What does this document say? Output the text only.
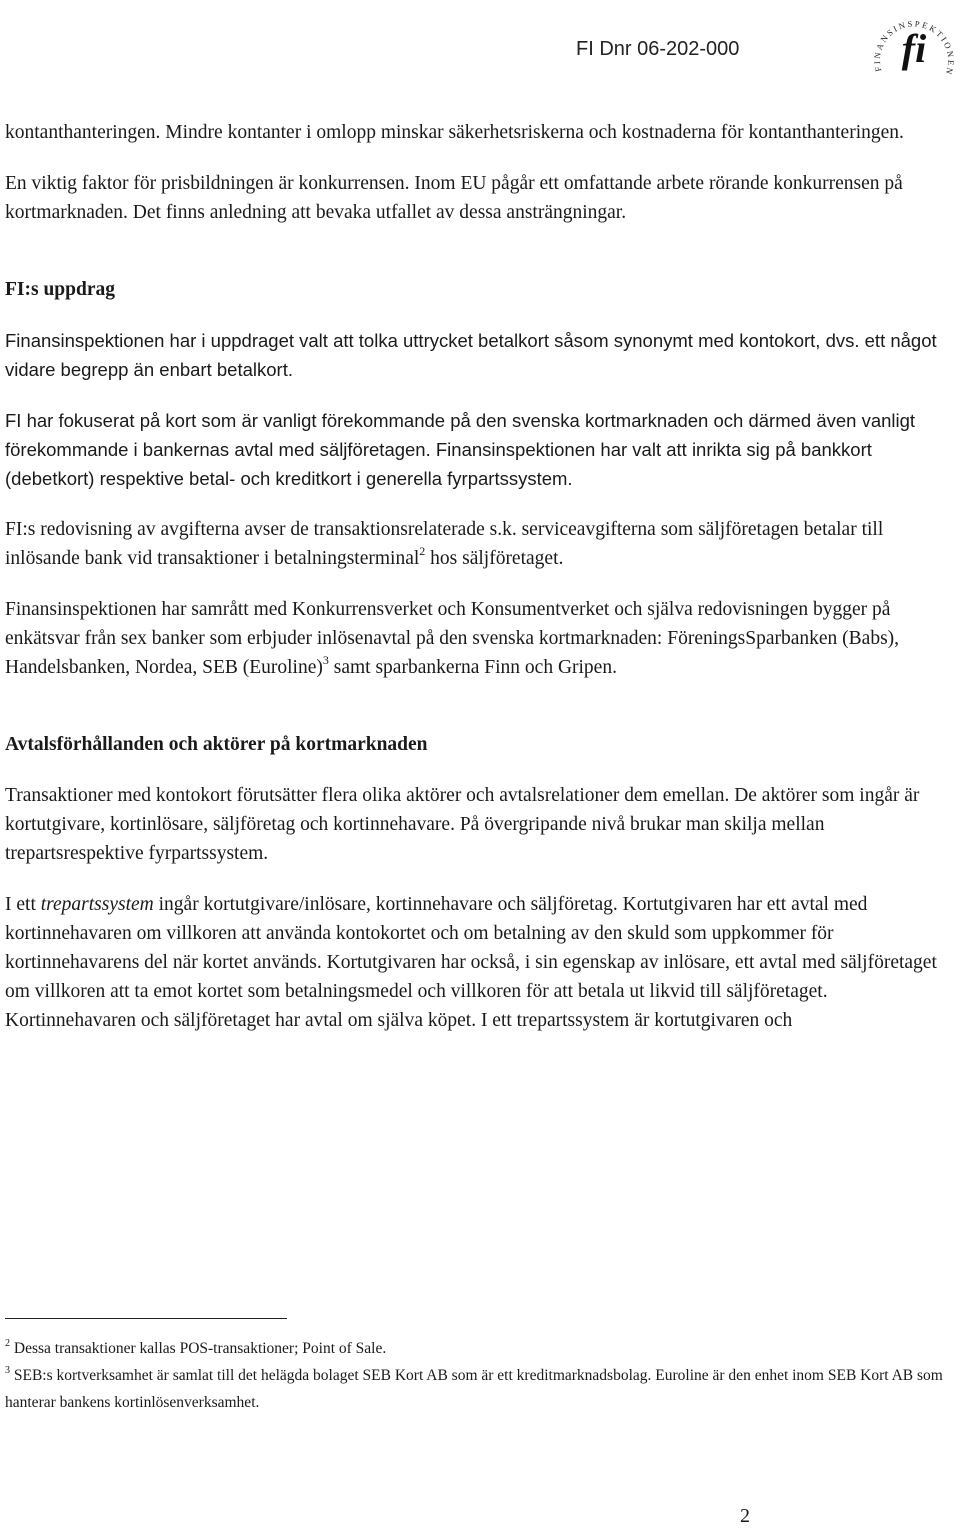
FI Dnr 06-202-000
FINANSINSPEKTIONEN
fi

kontanthanteringen. Mindre kontanter i omlopp minskar säkerhetsriskerna och kostnaderna för kontanthanteringen.

En viktig faktor för prisbildningen är konkurrensen. Inom EU pågår ett omfattande arbete rörande konkurrensen på kortmarknaden. Det finns anledning att bevaka utfallet av dessa ansträngningar.

FI:s uppdrag

Finansinspektionen har i uppdraget valt att tolka uttrycket betalkort såsom synonymt med kontokort, dvs. ett något vidare begrepp än enbart betalkort.

FI har fokuserat på kort som är vanligt förekommande på den svenska kortmarknaden och därmed även vanligt förekommande i bankernas avtal med säljföretagen. Finansinspektionen har valt att inrikta sig på bankkort (debetkort) respektive betal- och kreditkort i generella fyrpartssystem.

FI:s redovisning av avgifterna avser de transaktionsrelaterade s.k. serviceavgifterna som säljföretagen betalar till inlösande bank vid transaktioner i betalningsterminal$^2$ hos säljföretaget.

Finansinspektionen har samrått med Konkurrensverket och Konsumentverket och själva redovisningen bygger på enkätsvar från sex banker som erbjuder inlösenavtal på den svenska kortmarknaden: FöreningsSparbanken (Babs), Handelsbanken, Nordea, SEB (Euroline)$^3$ samt sparbankerna Finn och Gripen.

Avtalsförhållanden och aktörer på kortmarknaden

Transaktioner med kontokort förutsätter flera olika aktörer och avtalsrelationer dem emellan. De aktörer som ingår är kortutgivare, kortinlösare, säljföretag och kortinnehavare. På övergripande nivå brukar man skilja mellan trepartsrespektive fyrpartssystem.

I ett trepartssystem ingår kortutgivare/inlösare, kortinnehavare och säljföretag. Kortutgivaren har ett avtal med kortinnehavaren om villkoren att använda kontokortet och om betalning av den skuld som uppkommer för kortinnehavarens del när kortet används. Kortutgivaren har också, i sin egenskap av inlösare, ett avtal med säljföretaget om villkoren att ta emot kortet som betalningsmedel och villkoren för att betala ut likvid till säljföretaget. Kortinnehavaren och säljföretaget har avtal om själva köpet. I ett trepartssystem är kortutgivaren och

$^2$ Dessa transaktioner kallas POS-transaktioner; Point of Sale.

$^3$ SEB:s kortverksamhet är samlat till det helägda bolaget SEB Kort AB som är ett kreditmarknadsbolag. Euroline är den enhet inom SEB Kort AB som hanterar bankens kortinlösenverksamhet.

2
